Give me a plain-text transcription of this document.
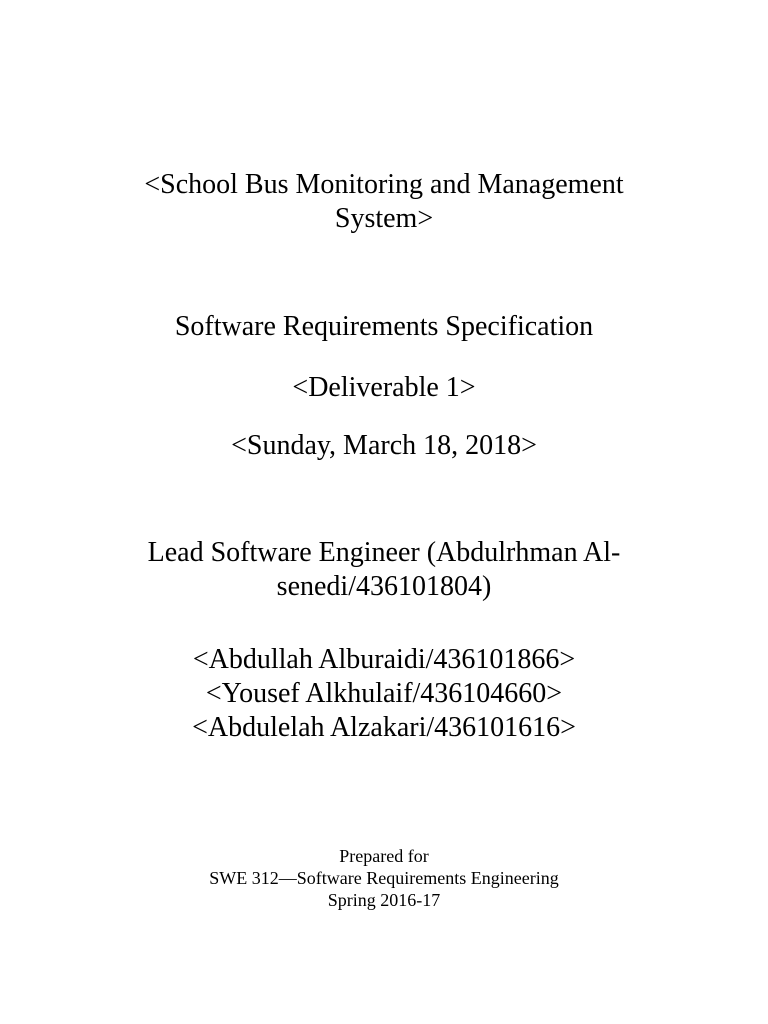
<School Bus Monitoring and Management
System>
Software Requirements Specification
<Deliverable 1>
<Sunday, March 18, 2018>
Lead Software Engineer (Abdulrhman Al-
senedi/436101804)
<Abdullah Alburaidi/436101866>
<Yousef Alkhulaif/436104660>
<Abdulelah Alzakari/436101616>
Prepared for
SWE 312—Software Requirements Engineering
Spring 2016-17
